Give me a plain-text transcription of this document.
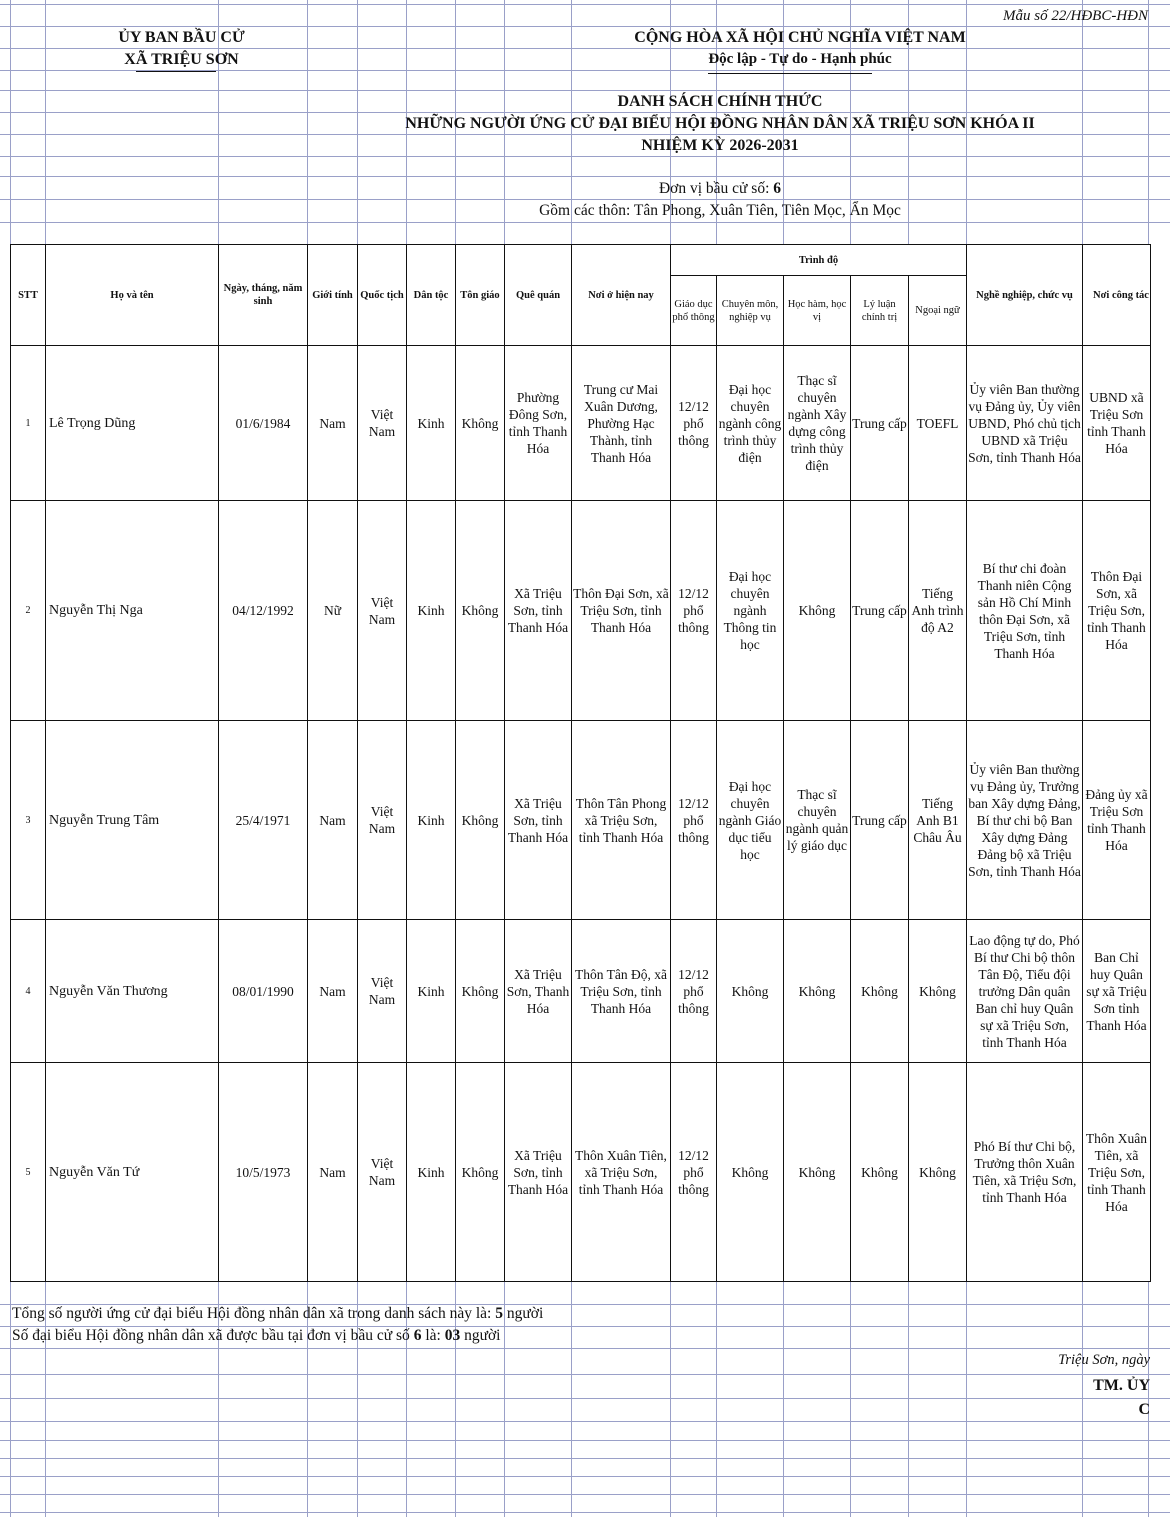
Mẫu số 22/HĐBC-HĐN
ỦY BAN BẦU CỬ
XÃ TRIỆU SƠN
CỘNG HÒA XÃ HỘI CHỦ NGHĨA VIỆT NAM
Độc lập - Tự do - Hạnh phúc
DANH SÁCH CHÍNH THỨC
NHỮNG NGƯỜI ỨNG CỬ ĐẠI BIỂU HỘI ĐỒNG NHÂN DÂN XÃ TRIỆU SƠN KHÓA II
NHIỆM KỲ 2026-2031
Đơn vị bầu cử số: 6
Gồm các thôn: Tân Phong, Xuân Tiên, Tiên Mọc, Ẩn Mọc
STT	Họ và tên	Ngày, tháng, năm sinh	Giới tính	Quốc tịch	Dân tộc	Tôn giáo	Quê quán	Nơi ở hiện nay	Trình độ					Nghề nghiệp, chức vụ	Nơi công tác
									Giáo dục phổ thông	Chuyên môn, nghiệp vụ	Học hàm, học vị	Lý luận chính trị	Ngoại ngữ		
1	Lê Trọng Dũng	01/6/1984	Nam	Việt Nam	Kinh	Không	Phường Đông Sơn, tỉnh Thanh Hóa	Trung cư Mai Xuân Dương, Phường Hạc Thành, tỉnh Thanh Hóa	12/12 phổ thông	Đại học chuyên ngành công trình thủy điện	Thạc sĩ chuyên ngành Xây dựng công trình thủy điện	Trung cấp	TOEFL	Ủy viên Ban thường vụ Đảng ủy, Ủy viên UBND, Phó chủ tịch UBND xã Triệu Sơn, tỉnh Thanh Hóa	UBND xã Triệu Sơn tỉnh Thanh Hóa
2	Nguyễn Thị Nga	04/12/1992	Nữ	Việt Nam	Kinh	Không	Xã Triệu Sơn, tỉnh Thanh Hóa	Thôn Đại Sơn, xã Triệu Sơn, tỉnh Thanh Hóa	12/12 phổ thông	Đại học chuyên ngành Thông tin học	Không	Trung cấp	Tiếng Anh trình độ A2	Bí thư chi đoàn Thanh niên Cộng sản Hồ Chí Minh thôn Đại Sơn, xã Triệu Sơn, tỉnh Thanh Hóa	Thôn Đại Sơn, xã Triệu Sơn, tỉnh Thanh Hóa
3	Nguyễn Trung Tâm	25/4/1971	Nam	Việt Nam	Kinh	Không	Xã Triệu Sơn, tỉnh Thanh Hóa	Thôn Tân Phong xã Triệu Sơn, tỉnh Thanh Hóa	12/12 phổ thông	Đại học chuyên ngành Giáo dục tiểu học	Thạc sĩ chuyên ngành quản lý giáo dục	Trung cấp	Tiếng Anh B1 Châu Âu	Ủy viên Ban thường vụ Đảng ủy, Trưởng ban Xây dựng Đảng, Bí thư chi bộ Ban Xây dựng Đảng Đảng bộ xã Triệu Sơn, tỉnh Thanh Hóa	Đảng ủy xã Triệu Sơn tỉnh Thanh Hóa
4	Nguyễn Văn Thương	08/01/1990	Nam	Việt Nam	Kinh	Không	Xã Triệu Sơn, Thanh Hóa	Thôn Tân Độ, xã Triệu Sơn, tỉnh Thanh Hóa	12/12 phổ thông	Không	Không	Không	Không	Lao động tự do, Phó Bí thư Chi bộ thôn Tân Độ, Tiểu đội trưởng Dân quân Ban chỉ huy Quân sự xã Triệu Sơn, tỉnh Thanh Hóa	Ban Chỉ huy Quân sự xã Triệu Sơn tỉnh Thanh Hóa
5	Nguyễn Văn Tứ	10/5/1973	Nam	Việt Nam	Kinh	Không	Xã Triệu Sơn, tỉnh Thanh Hóa	Thôn Xuân Tiên, xã Triệu Sơn, tỉnh Thanh Hóa	12/12 phổ thông	Không	Không	Không	Không	Phó Bí thư Chi bộ, Trưởng thôn Xuân Tiên, xã Triệu Sơn, tỉnh Thanh Hóa	Thôn Xuân Tiên, xã Triệu Sơn, tỉnh Thanh Hóa
Tổng số người ứng cử đại biểu Hội đồng nhân dân xã trong danh sách này là: 5 người
Số đại biểu Hội đồng nhân dân xã được bầu tại đơn vị bầu cử số 6 là: 03 người
Triệu Sơn, ngày
TM. ỦY
C
